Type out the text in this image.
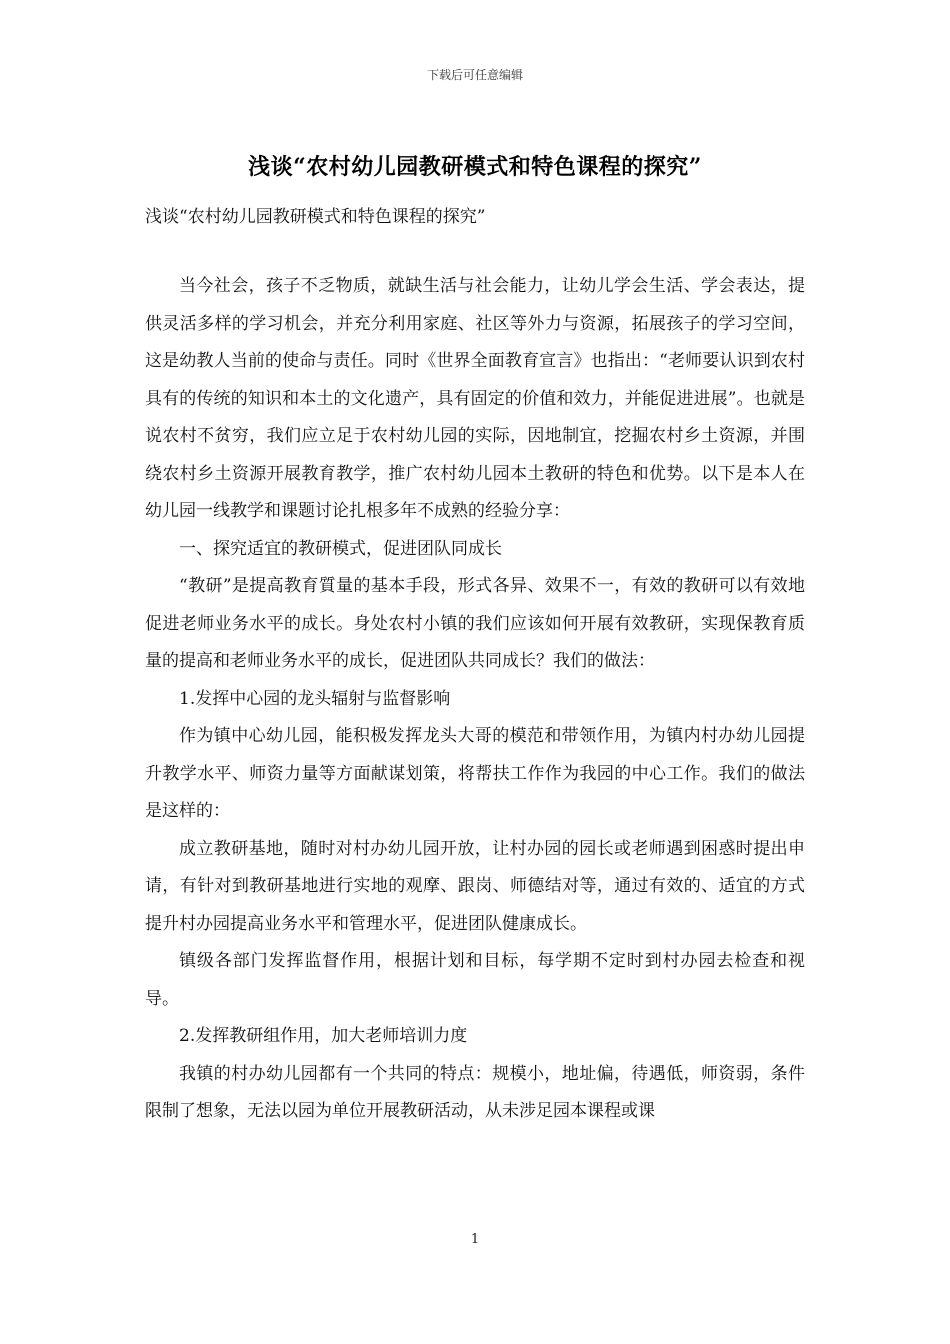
下载后可任意编辑
浅谈“农村幼儿园教研模式和特色课程的探究”
浅谈“农村幼儿园教研模式和特色课程的探究”

当今社会，孩子不乏物质，就缺生活与社会能力，让幼儿学会生活、学会表达，提供灵活多样的学习机会，并充分利用家庭、社区等外力与资源，拓展孩子的学习空间，这是幼教人当前的使命与责任。同时《世界全面教育宣言》也指出：“老师要认识到农村具有的传统的知识和本土的文化遗产，具有固定的价值和效力，并能促进进展”。也就是说农村不贫穷，我们应立足于农村幼儿园的实际，因地制宜，挖掘农村乡土资源，并围绕农村乡土资源开展教育教学，推广农村幼儿园本土教研的特色和优势。以下是本人在幼儿园一线教学和课题讨论扎根多年不成熟的经验分享：

一、探究适宜的教研模式，促进团队同成长

“教研”是提高教育質量的基本手段，形式各异、效果不一，有效的教研可以有效地促进老师业务水平的成长。身处农村小镇的我们应该如何开展有效教研，实现保教育质量的提高和老师业务水平的成长，促进团队共同成长？我们的做法：

1.发挥中心园的龙头辐射与监督影响

作为镇中心幼儿园，能积极发挥龙头大哥的模范和带领作用，为镇内村办幼儿园提升教学水平、师资力量等方面献谋划策，将帮扶工作作为我园的中心工作。我们的做法是这样的：

成立教研基地，随时对村办幼儿园开放，让村办园的园长或老师遇到困惑时提出申请，有针对到教研基地进行实地的观摩、跟岗、师德结对等，通过有效的、适宜的方式提升村办园提高业务水平和管理水平，促进团队健康成长。

镇级各部门发挥监督作用，根据计划和目标，每学期不定时到村办园去检查和视导。

2.发挥教研组作用，加大老师培训力度

我镇的村办幼儿园都有一个共同的特点：规模小，地址偏，待遇低，师资弱，条件限制了想象，无法以园为单位开展教研活动，从未涉足园本课程或课

1
